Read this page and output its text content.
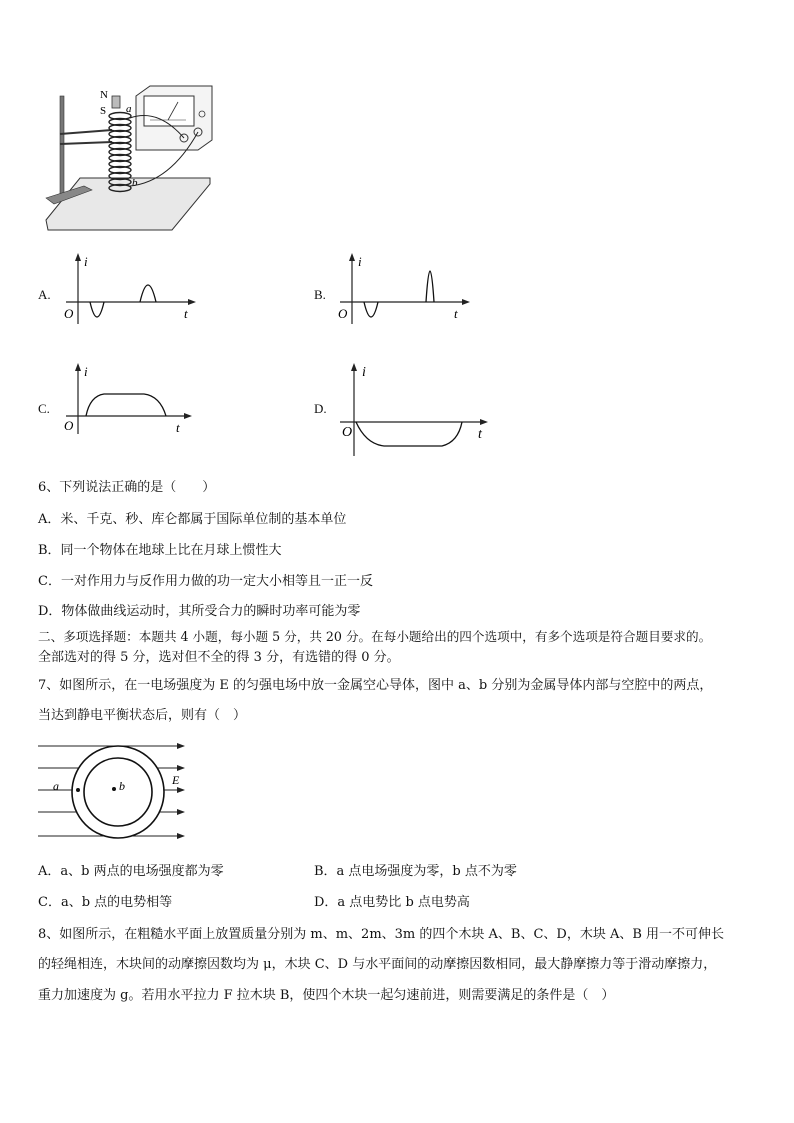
N
S a
b
A.
i
O	t
B.
i
O	t
C.
i
O	t
D.
i
O	t
6、下列说法正确的是（　　）
A．米、千克、秒、库仑都属于国际单位制的基本单位
B．同一个物体在地球上比在月球上惯性大
C．一对作用力与反作用力做的功一定大小相等且一正一反
D．物体做曲线运动时，其所受合力的瞬时功率可能为零
二、多项选择题：本题共 4 小题，每小题 5 分，共 20 分。在每小题给出的四个选项中，有多个选项是符合题目要求的。
全部选对的得 5 分，选对但不全的得 3 分，有选错的得 0 分。
7、如图所示，在一电场强度为 E 的匀强电场中放一金属空心导体，图中 a、b 分别为金属导体内部与空腔中的两点，
当达到静电平衡状态后，则有（　）
a	b	E
A．a、b 两点的电场强度都为零	B．a 点电场强度为零，b 点不为零
C．a、b 点的电势相等	D．a 点电势比 b 点电势高
8、如图所示，在粗糙水平面上放置质量分别为 m、m、2m、3m 的四个木块 A、B、C、D，木块 A、B 用一不可伸长
的轻绳相连，木块间的动摩擦因数均为 μ，木块 C、D 与水平面间的动摩擦因数相同，最大静摩擦力等于滑动摩擦力，
重力加速度为 g。若用水平拉力 F 拉木块 B，使四个木块一起匀速前进，则需要满足的条件是（　）
